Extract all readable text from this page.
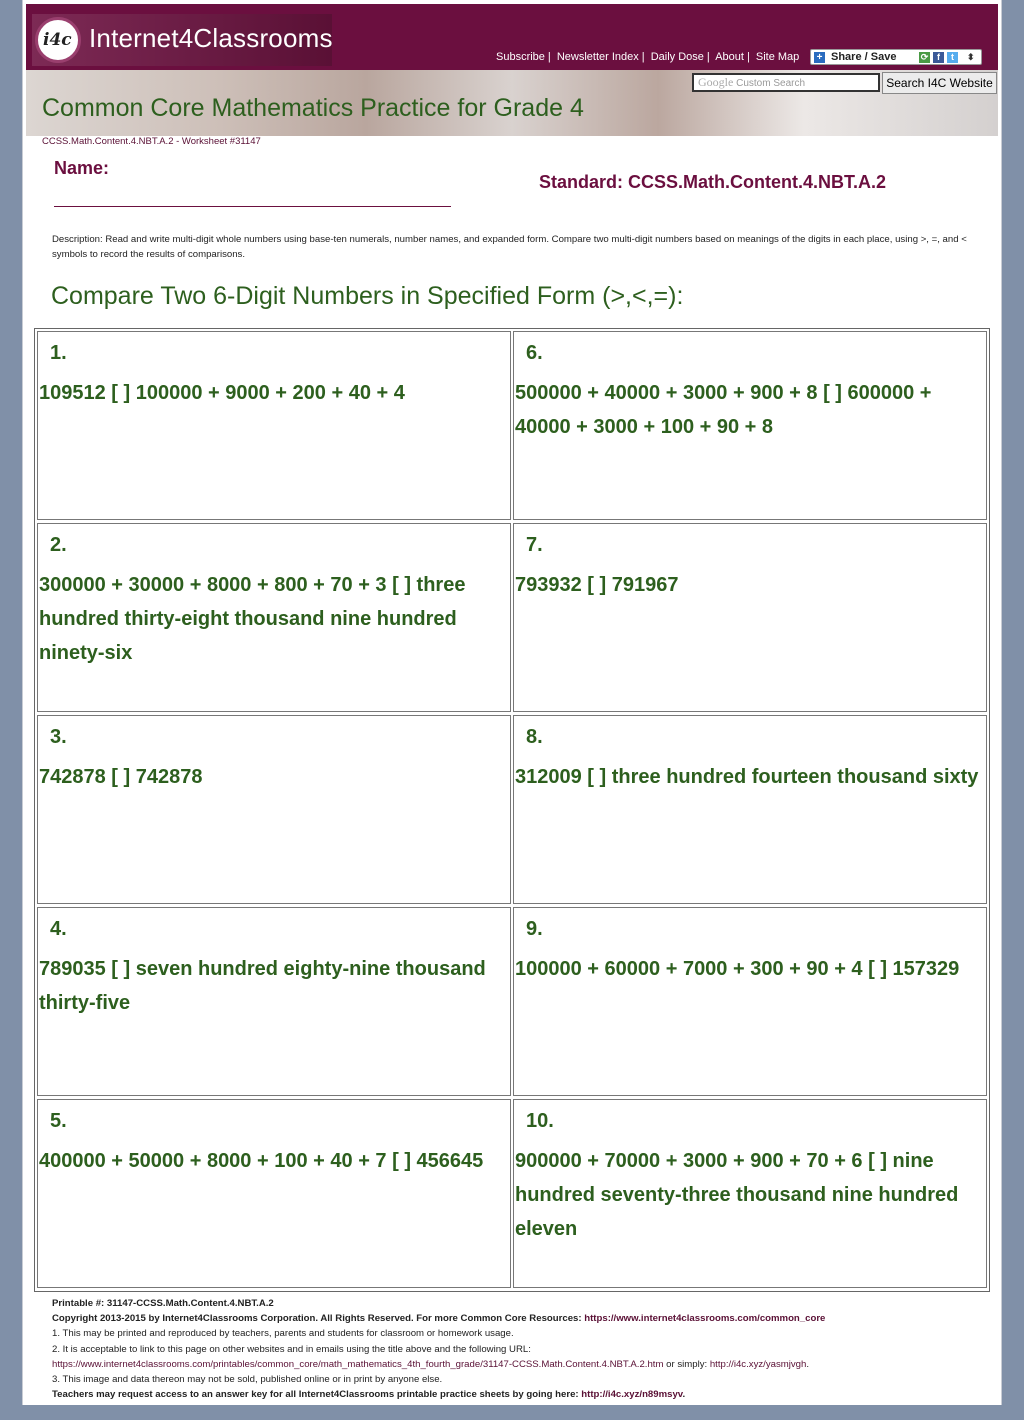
i4c Internet4Classrooms
Subscribe | Newsletter Index | Daily Dose | About | Site Map + Share / Save	⟳ f	t	⬍
Google Custom Search	Search I4C Website
Common Core Mathematics Practice for Grade 4
CCSS.Math.Content.4.NBT.A.2 - Worksheet #31147
Name:
Standard: CCSS.Math.Content.4.NBT.A.2
Description: Read and write multi-digit whole numbers using base-ten numerals, number names, and expanded form. Compare two multi-digit numbers based on meanings of the digits in each place, using >, =, and < symbols to record the results of comparisons.
Compare Two 6-Digit Numbers in Specified Form (>,<,=):
1.
109512 [ ] 100000 + 9000 + 200 + 40 + 4
2.
300000 + 30000 + 8000 + 800 + 70 + 3 [ ] three hundred thirty-eight thousand nine hundred ninety-six
3.
742878 [ ] 742878
4.
789035 [ ] seven hundred eighty-nine thousand thirty-five
5.
400000 + 50000 + 8000 + 100 + 40 + 7 [ ] 456645
6.
500000 + 40000 + 3000 + 900 + 8 [ ] 600000 + 40000 + 3000 + 100 + 90 + 8
7.
793932 [ ] 791967
8.
312009 [ ] three hundred fourteen thousand sixty
9.
100000 + 60000 + 7000 + 300 + 90 + 4 [ ] 157329
10.
900000 + 70000 + 3000 + 900 + 70 + 6 [ ] nine hundred seventy-three thousand nine hundred eleven
Printable #: 31147-CCSS.Math.Content.4.NBT.A.2
Copyright 2013-2015 by Internet4Classrooms Corporation. All Rights Reserved. For more Common Core Resources: https://www.internet4classrooms.com/common_core
1. This may be printed and reproduced by teachers, parents and students for classroom or homework usage.
2. It is acceptable to link to this page on other websites and in emails using the title above and the following URL:
https://www.internet4classrooms.com/printables/common_core/math_mathematics_4th_fourth_grade/31147-CCSS.Math.Content.4.NBT.A.2.htm or simply: http://i4c.xyz/yasmjvgh.
3. This image and data thereon may not be sold, published online or in print by anyone else.
Teachers may request access to an answer key for all Internet4Classrooms printable practice sheets by going here: http://i4c.xyz/n89msyv.
